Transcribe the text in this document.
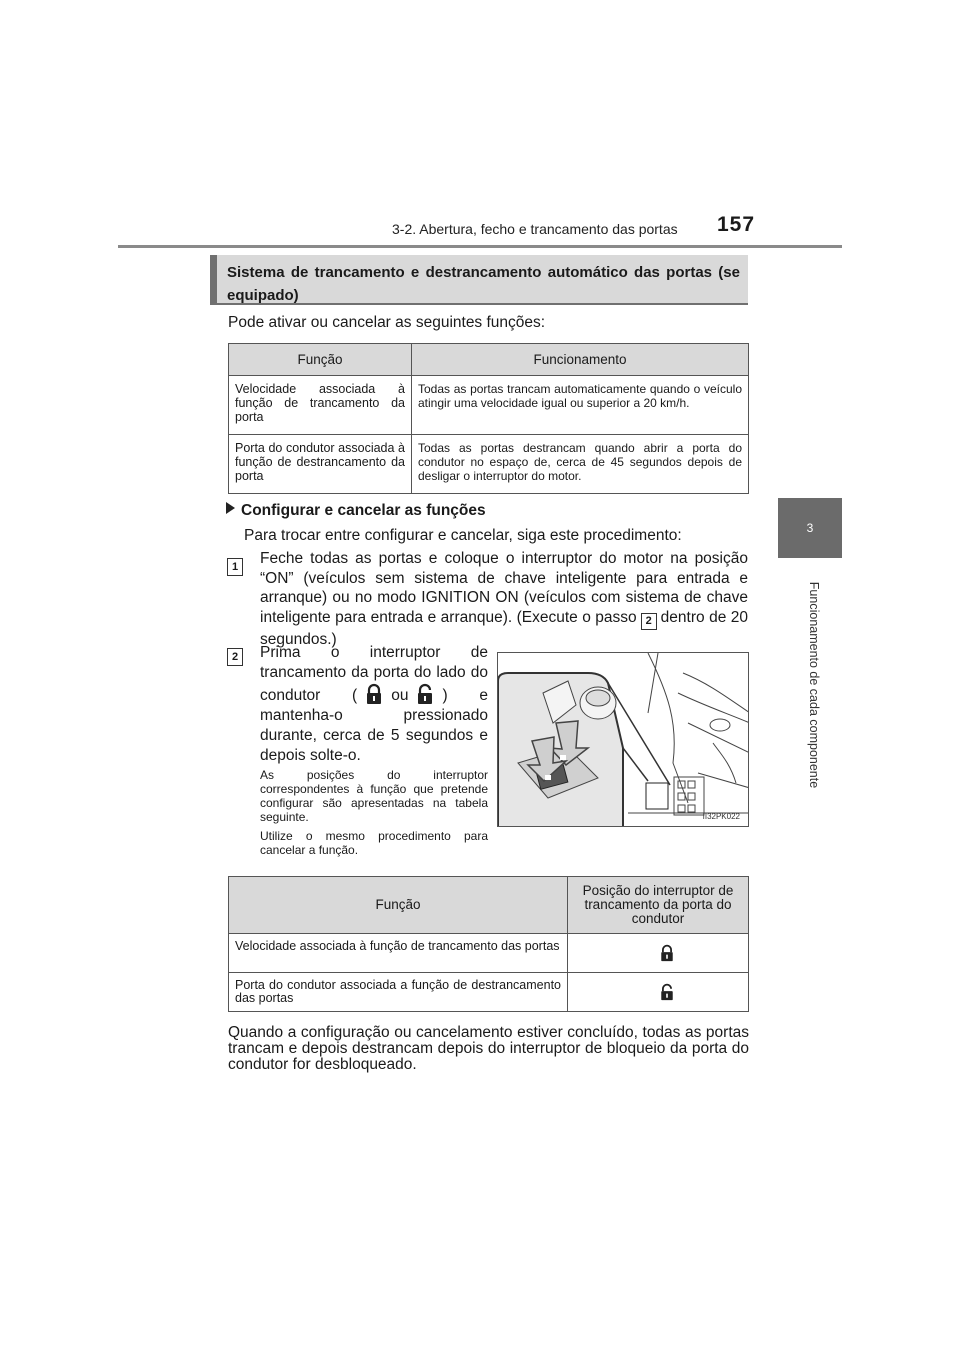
3-2. Abertura, fecho e trancamento das portas 157
3
Funcionamento de cada componente
Sistema de trancamento e destrancamento automático das portas (se equipado)
Pode ativar ou cancelar as seguintes funções:
Função	Funcionamento
Velocidade associada à função de trancamento da porta	Todas as portas trancam automaticamente quando o veículo atingir uma velocidade igual ou superior a 20 km/h.
Porta do condutor associada à função de destrancamento da porta	Todas as portas destrancam quando abrir a porta do condutor no espaço de, cerca de 45 segundos depois de desligar o interruptor do motor.
Configurar e cancelar as funções
Para trocar entre configurar e cancelar, siga este procedimento:
1	Feche todas as portas e coloque o interruptor do motor na posição “ON” (veículos sem sistema de chave inteligente para entrada e arranque) ou no modo IGNITION ON (veículos com sistema de chave inteligente para entrada e arranque). (Execute o passo 2 dentro de 20 segundos.)
2	Prima o interruptor de trancamento da porta do lado do condutor ( ou ) e mantenha-o pressionado durante, cerca de 5 segundos e depois solte-o.

As posições do interruptor correspondentes à função que pretende configurar são apresentadas na tabela seguinte.

Utilize o mesmo procedimento para cancelar a função.

II32PK022
Função	Posição do interruptor de trancamento da porta do condutor
Velocidade associada à função de trancamento das portas	
Porta do condutor associada a função de destrancamento das portas	
Quando a configuração ou cancelamento estiver concluído, todas as portas trancam e depois destrancam depois do interruptor de bloqueio da porta do condutor for desbloqueado.
